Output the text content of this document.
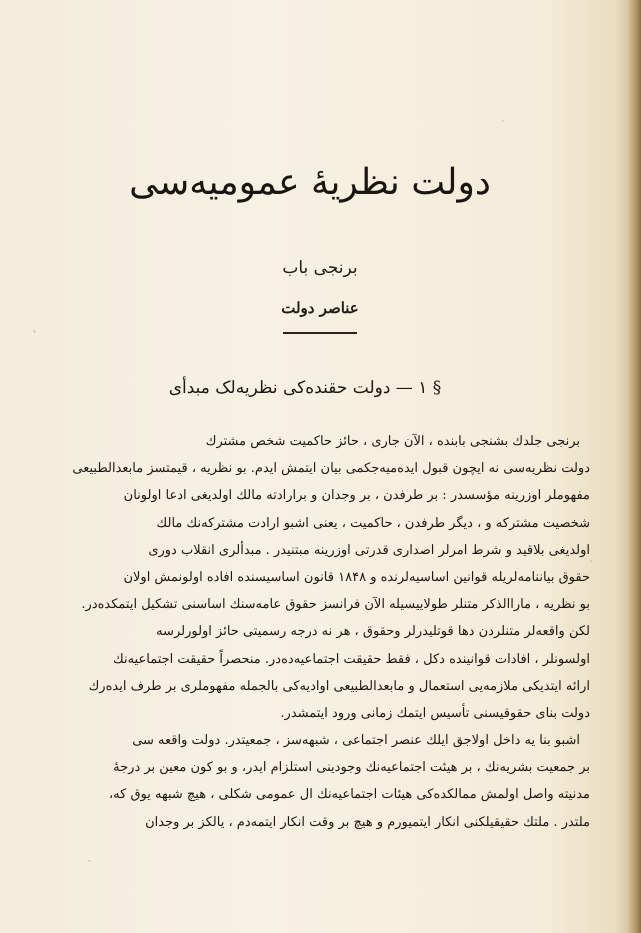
دولت نظریهٔ عمومیه‌سی
برنجی باب
عناصر دولت
§ ۱ — دولت حقنده‌کی نظریه‌لک مبدأی
برنجی جلدك بشنجی بابنده ، الآن جاری ، حائز حاکمیت شخص مشترك
دولت نظریه‌سی نه ایچون قبول ایده‌میه‌جکمی بیان ایتمش ایدم. بو نظریه ، قیمتسز مابعدالطبیعی
مفهوملر اوزرینه مؤسسدر : بر طرفدن ، بر وجدان و برارادته مالك اولدیغی ادعا اولونان
شخصیت مشترکه و ، دیگر طرفدن ، حاکمیت ، یعنی اشبو ارادت مشترکه‌نك مالك
اولدیغی بلاقید و شرط امرلر اصداری قدرتی اوزرینه مبتنیدر . مبدألری انقلاب دوری
حقوق بیاننامه‌لریله قوانین اساسیه‌لرنده و ۱۸۴۸ قانون اساسیسنده افاده اولونمش اولان
بو نظریه ، ماراالذکر متنلر طولاییسیله الآن فرانسز حقوق عامه‌سنك اساسنی تشکیل ایتمکده‌در.
لکن واقعه‌لر متنلردن دها قوتلیدرلر وحقوق ، هر نه درجه رسمیتی حائز اولورلرسه
اولسونلر ، افادات قوانینده دکل ، فقط حقیقت اجتماعیه‌ده‌در. منحصراً حقیقت اجتماعیه‌نك
ارائه ایتدیکی ملازمه‌یی استعمال و مابعدالطبیعی اوادیه‌کی بالجمله مفهوملری بر طرف ایده‌رك
دولت بنای حقوقیسنی تأسیس ایتمك زمانی ورود ایتمشدر.
اشبو بنا یه داخل اولاجق ایلك عنصر اجتماعی ، شبهه‌سز ، جمعیتدر. دولت واقعه سی
بر جمعیت بشریه‌نك ، بر هیئت اجتماعیه‌نك وجودینی استلزام ایدر، و بو کون معین بر درجهٔ
مدنیته واصل اولمش ممالکده‌کی هیئات اجتماعیه‌نك ال عمومی شکلی ، هیچ شبهه یوق که،
ملتدر . ملتك حقیقیلکنی انکار ایتمیورم و هیچ بر وقت انکار ایتمه‌دم ، یالکز بر وجدان
